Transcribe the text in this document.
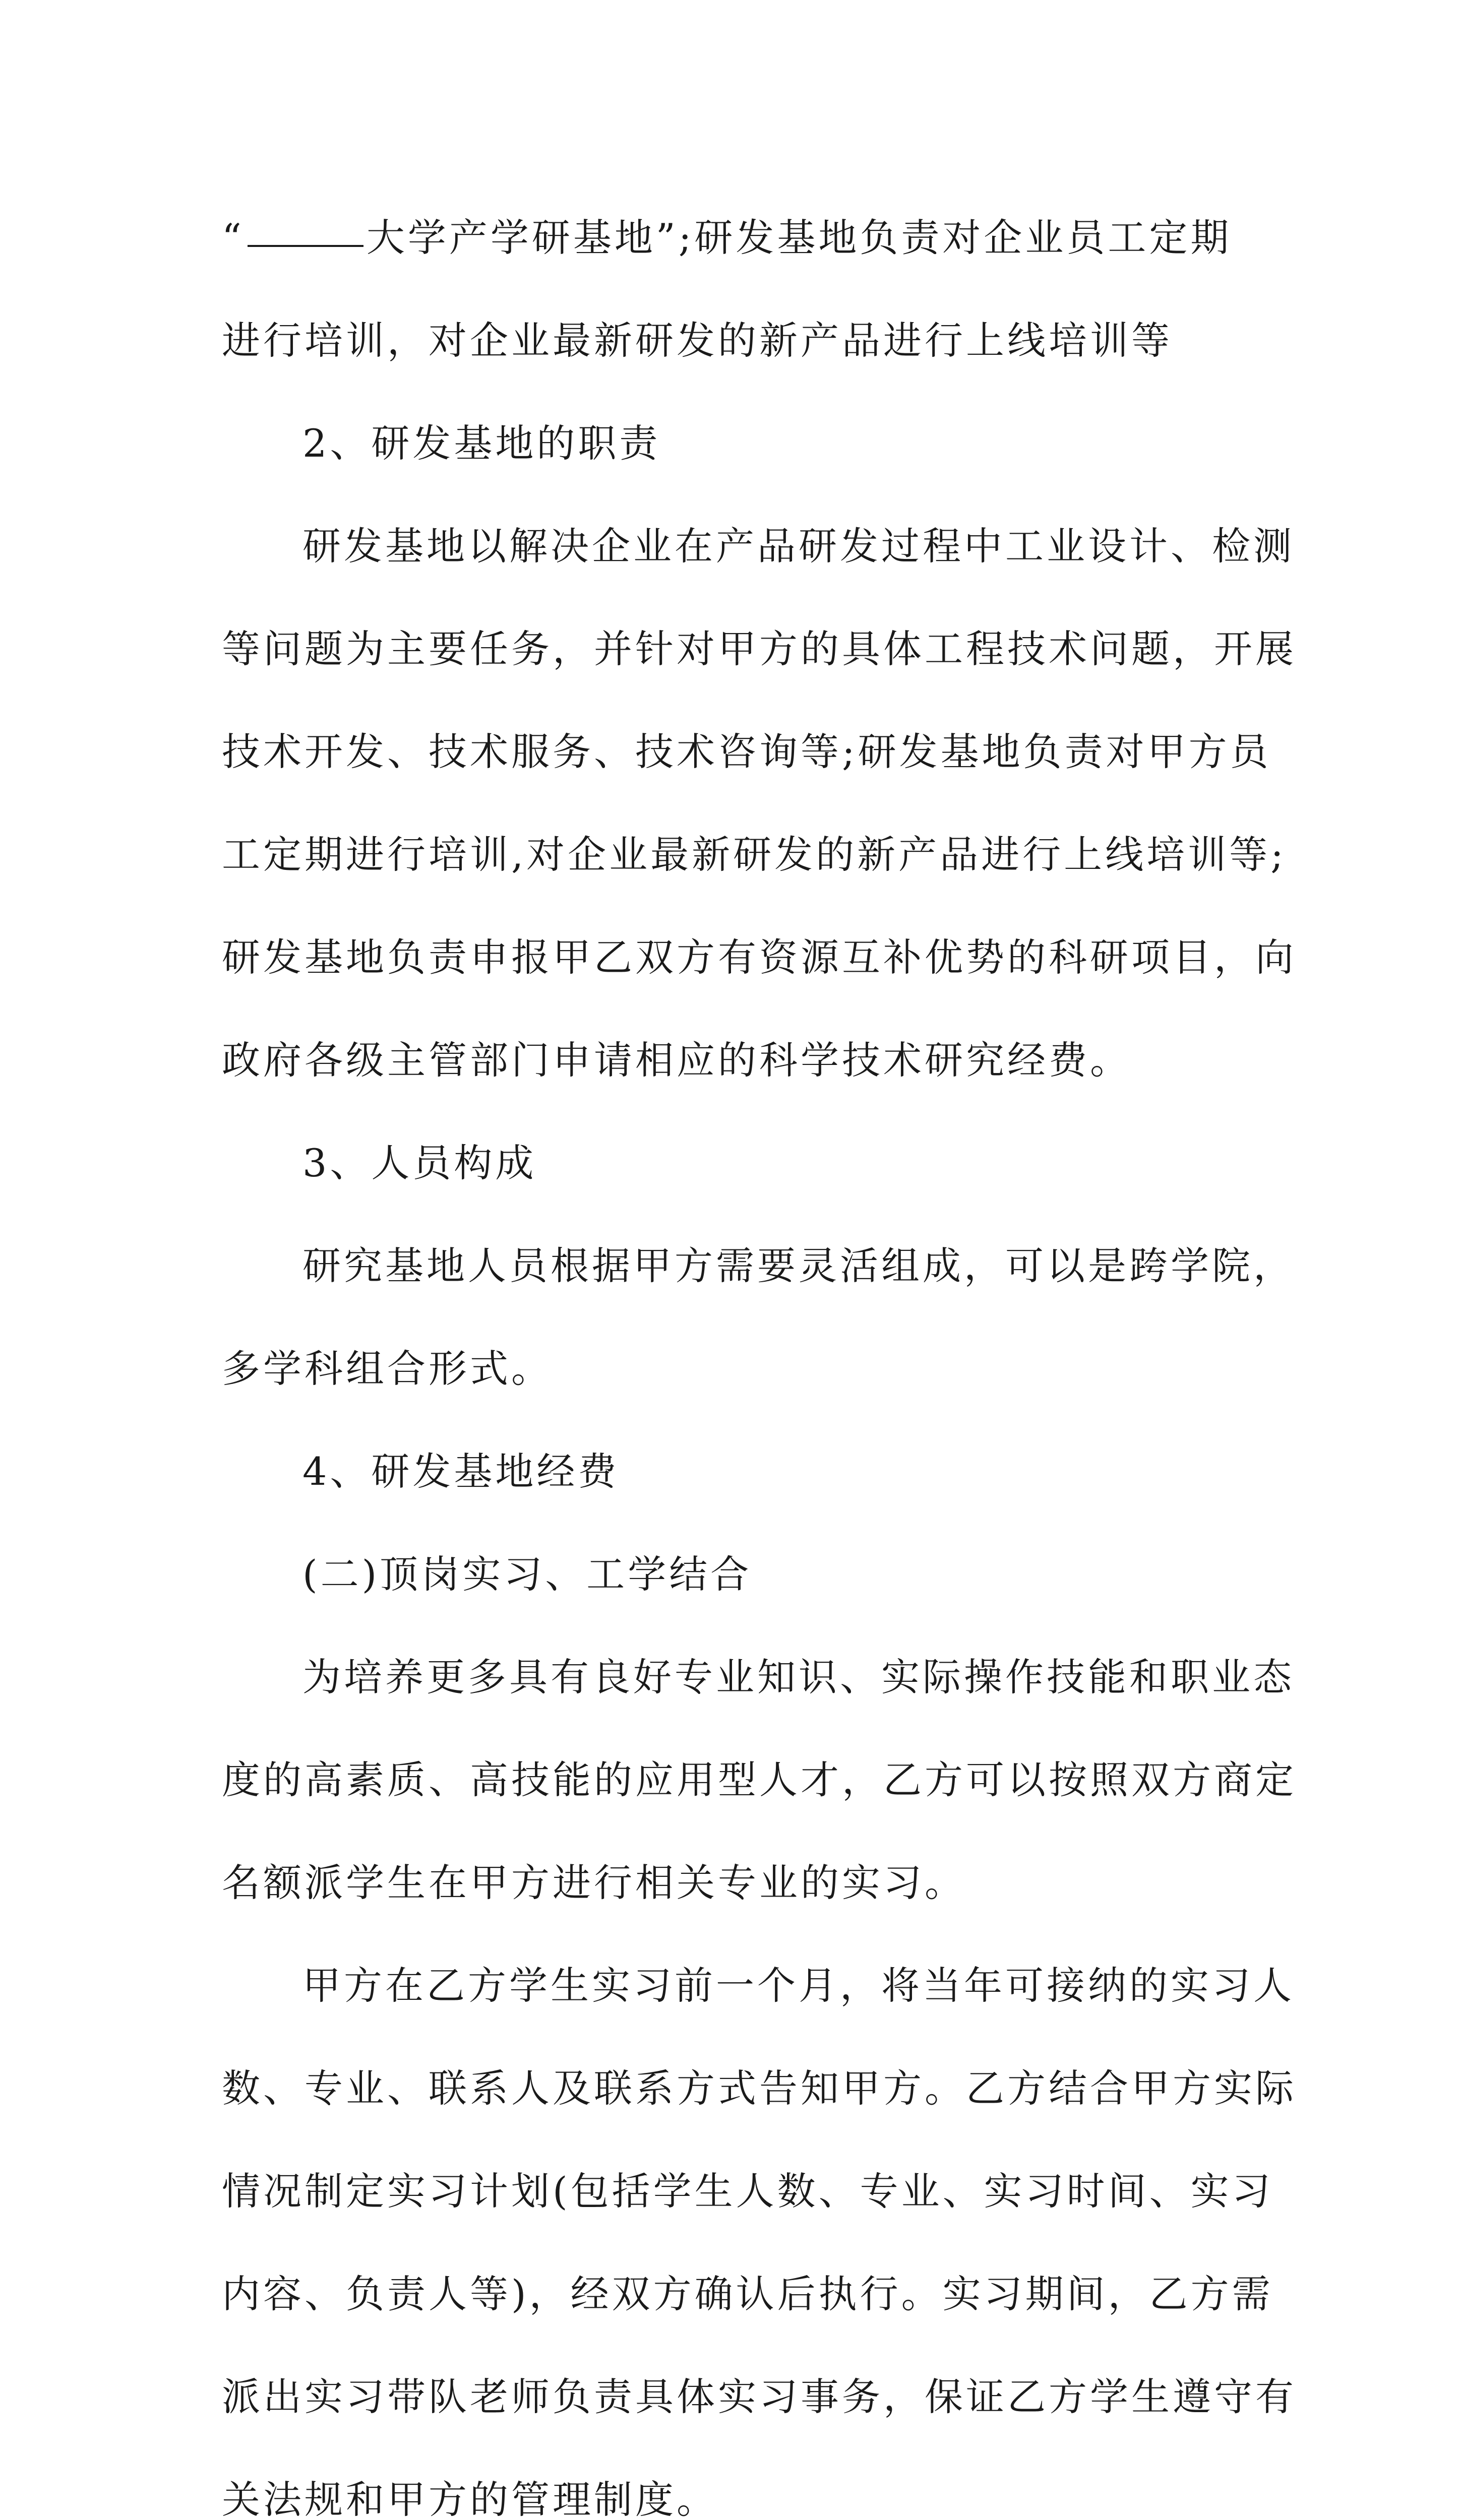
“	大学产学研基地”;研发基地负责对企业员工定期
进行培训，对企业最新研发的新产品进行上线培训等
2、研发基地的职责
研发基地以解决企业在产品研发过程中工业设计、检测
等问题为主要任务，并针对甲方的具体工程技术问题，开展
技术开发、技术服务、技术咨询等;研发基地负责对甲方员
工定期进行培训,对企业最新研发的新产品进行上线培训等;
研发基地负责申报甲乙双方有资源互补优势的科研项目，向
政府各级主管部门申请相应的科学技术研究经费。
3、人员构成
研究基地人员根据甲方需要灵活组成，可以是跨学院，
多学科组合形式。
4、研发基地经费
(二)顶岗实习、工学结合
为培养更多具有良好专业知识、实际操作技能和职业态
度的高素质、高技能的应用型人才，乙方可以按照双方商定
名额派学生在甲方进行相关专业的实习。
甲方在乙方学生实习前一个月，将当年可接纳的实习人
数、专业、联系人及联系方式告知甲方。乙方结合甲方实际
情况制定实习计划(包括学生人数、专业、实习时间、实习
内容、负责人等)，经双方确认后执行。实习期间，乙方需
派出实习带队老师负责具体实习事务，保证乙方学生遵守有
关法规和甲方的管理制度。
